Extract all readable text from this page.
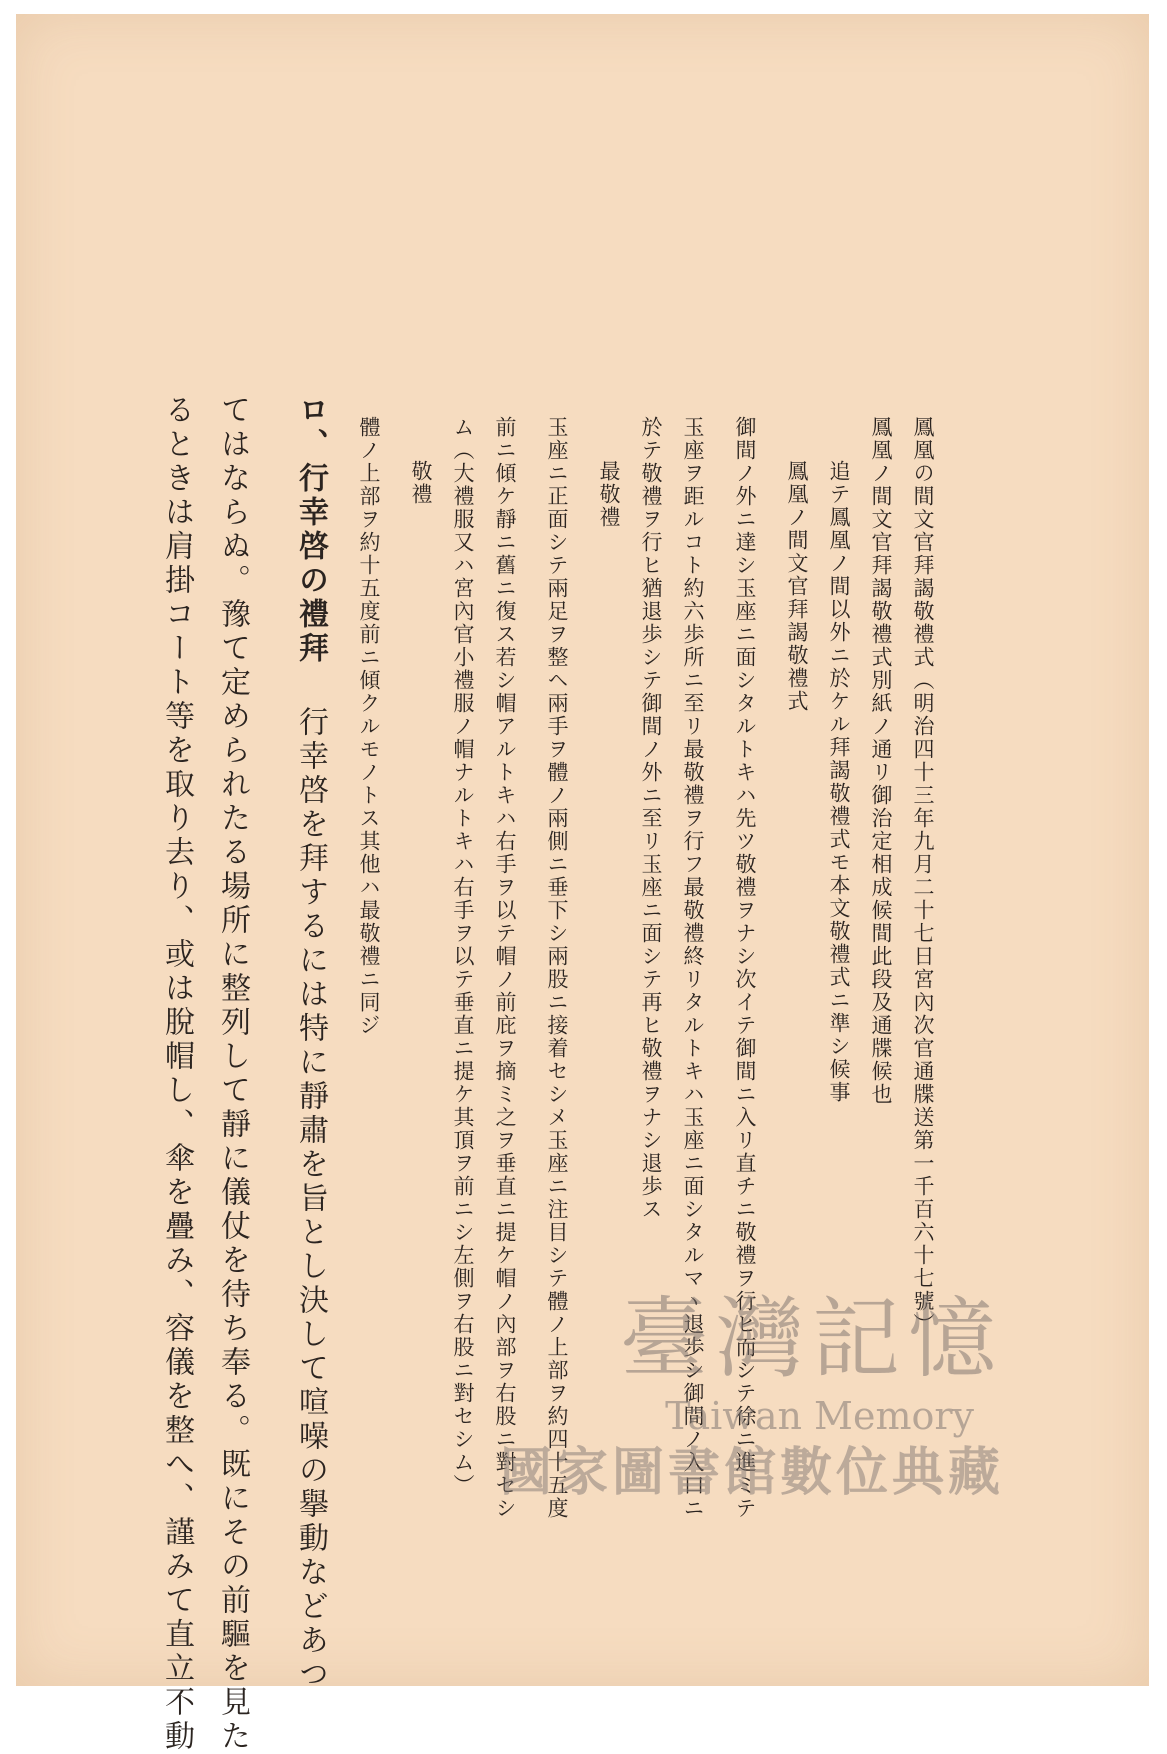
鳳凰の間文官拜謁敬禮式（明治四十三年九月二十七日宮內次官通牒送第一千百六十七號）
鳳凰ノ間文官拜謁敬禮式別紙ノ通リ御治定相成候間此段及通牒候也
追テ鳳凰ノ間以外ニ於ケル拜謁敬禮式モ本文敬禮式ニ準シ候事
鳳凰ノ間文官拜謁敬禮式
御間ノ外ニ達シ玉座ニ面シタルトキハ先ツ敬禮ヲナシ次イテ御間ニ入リ直チニ敬禮ヲ行ヒ而シテ徐ニ進ミテ
玉座ヲ距ルコト約六歩所ニ至リ最敬禮ヲ行フ最敬禮終リタルトキハ玉座ニ面シタルマヽ退歩シ御間ノ入口ニ
於テ敬禮ヲ行ヒ猶退歩シテ御間ノ外ニ至リ玉座ニ面シテ再ヒ敬禮ヲナシ退歩ス
最敬禮
玉座ニ正面シテ兩足ヲ整ヘ兩手ヲ體ノ兩側ニ垂下シ兩股ニ接着セシメ玉座ニ注目シテ體ノ上部ヲ約四十五度
前ニ傾ケ靜ニ舊ニ復ス若シ帽アルトキハ右手ヲ以テ帽ノ前庇ヲ摘ミ之ヲ垂直ニ提ケ帽ノ內部ヲ右股ニ對セシ
ム（大禮服又ハ宮內官小禮服ノ帽ナルトキハ右手ヲ以テ垂直ニ提ケ其頂ヲ前ニシ左側ヲ右股ニ對セシム）
敬禮
體ノ上部ヲ約十五度前ニ傾クルモノトス其他ハ最敬禮ニ同ジ
ロ、行幸啓の禮拜行幸啓を拜するには特に靜肅を旨とし決して喧噪の擧動などあつ
てはならぬ。豫て定められたる場所に整列して靜に儀仗を待ち奉る。既にその前驅を見た
るときは肩掛コート等を取り去り、或は脫帽し、傘を疊み、容儀を整へ、謹みて直立不動	臺灣記憶
Taiwan Memory
國家圖書館數位典藏
